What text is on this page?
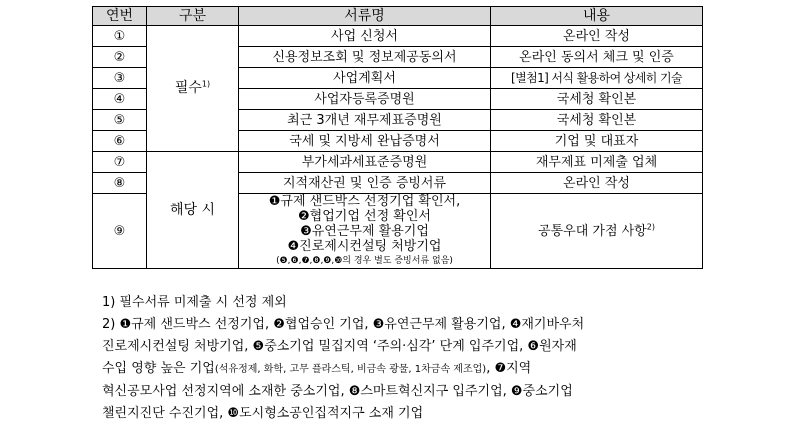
연번	구분	서류명	내용
①	필수$^{1)}$	사업 신청서	온라인 작성
②		신용정보조회 및 정보제공동의서	온라인 동의서 체크 및 인증
③		사업계획서	[별첨1] 서식 활용하여 상세히 기술
④		사업자등록증명원	국세청 확인본
⑤		최근 3개년 재무제표증명원	국세청 확인본
⑥		국세 및 지방세 완납증명서	기업 및 대표자
⑦	해당 시	부가세과세표준증명원	재무제표 미제출 업체
⑧		지적재산권 및 인증 증빙서류	온라인 작성
⑨		❶규제 샌드박스 선정기업 확인서,
❷협업기업 선정 확인서
❸유연근무제 활용기업
❹진로제시컨설팅 처방기업
(❺,❻,❼,❽,❾,❿의 경우 별도 증빙서류 없음)	공통우대 가점 사항$^{2)}$
1) 필수서류 미제출 시 선정 제외
2) ❶규제 샌드박스 선정기업, ❷협업승인 기업, ❸유연근무제 활용기업, ❹재기바우처
진로제시컨설팅 처방기업, ❺중소기업 밀집지역 ‘주의·심각’ 단계 입주기업, ❻원자재
수입 영향 높은 기업(석유정제, 화학, 고무 플라스틱, 비금속 광물, 1차금속 제조업), ❼지역
혁신공모사업 선정지역에 소재한 중소기업, ❽스마트혁신지구 입주기업, ❾중소기업
챌린지진단 수진기업, ❿도시형소공인집적지구 소재 기업
